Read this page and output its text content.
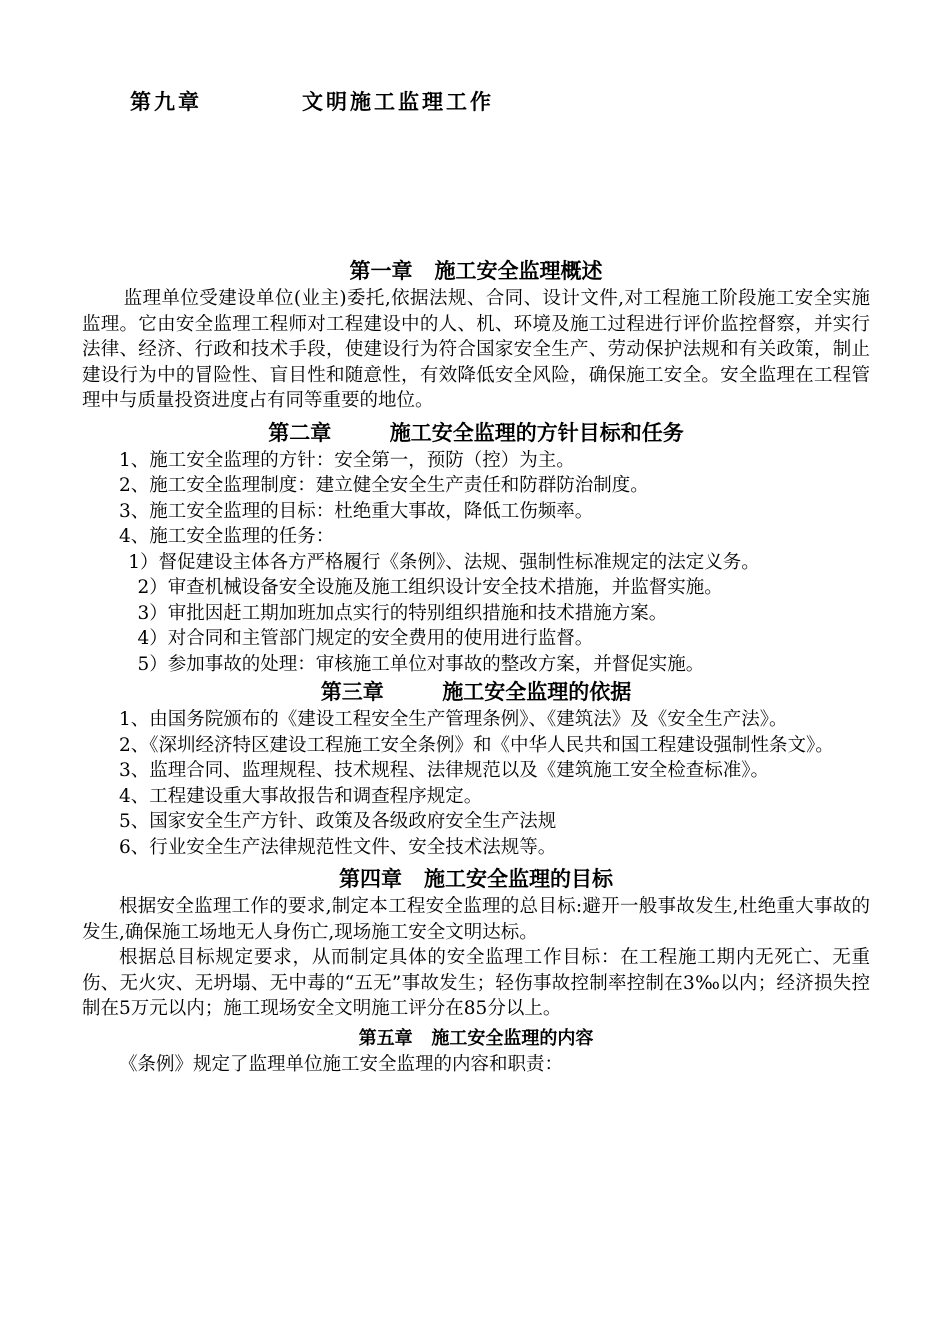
第九章	文明施工监理工作
第一章   施工安全监理概述

监理单位受建设单位(业主)委托,依据法规、合同、设计文件,对工程施工阶段施工安全实施监理。它由安全监理工程师对工程建设中的人、机、环境及施工过程进行评价监控督察，并实行法律、经济、行政和技术手段，使建设行为符合国家安全生产、劳动保护法规和有关政策，制止建设行为中的冒险性、盲目性和随意性，有效降低安全风险，确保施工安全。安全监理在工程管理中与质量投资进度占有同等重要的地位。

第二章        施工安全监理的方针目标和任务

1、施工安全监理的方针：安全第一，预防（控）为主。

2、施工安全监理制度：建立健全安全生产责任和防群防治制度。

3、施工安全监理的目标：杜绝重大事故，降低工伤频率。

4、施工安全监理的任务：

1）督促建设主体各方严格履行《条例》、法规、强制性标准规定的法定义务。

2）审查机械设备安全设施及施工组织设计安全技术措施，并监督实施。

3）审批因赶工期加班加点实行的特别组织措施和技术措施方案。

4）对合同和主管部门规定的安全费用的使用进行监督。

5）参加事故的处理：审核施工单位对事故的整改方案，并督促实施。

第三章        施工安全监理的依据

1、由国务院颁布的《建设工程安全生产管理条例》、《建筑法》及《安全生产法》。

2、《深圳经济特区建设工程施工安全条例》和《中华人民共和国工程建设强制性条文》。

3、监理合同、监理规程、技术规程、法律规范以及《建筑施工安全检查标准》。

4、工程建设重大事故报告和调查程序规定。

5、国家安全生产方针、政策及各级政府安全生产法规

6、行业安全生产法律规范性文件、安全技术法规等。

第四章   施工安全监理的目标

根据安全监理工作的要求,制定本工程安全监理的总目标:避开一般事故发生,杜绝重大事故的发生,确保施工场地无人身伤亡,现场施工安全文明达标。

根据总目标规定要求，从而制定具体的安全监理工作目标：在工程施工期内无死亡、无重伤、无火灾、无坍塌、无中毒的“五无”事故发生；轻伤事故控制率控制在3‰以内；经济损失控制在5万元以内；施工现场安全文明施工评分在85分以上。

第五章   施工安全监理的内容

《条例》规定了监理单位施工安全监理的内容和职责：
